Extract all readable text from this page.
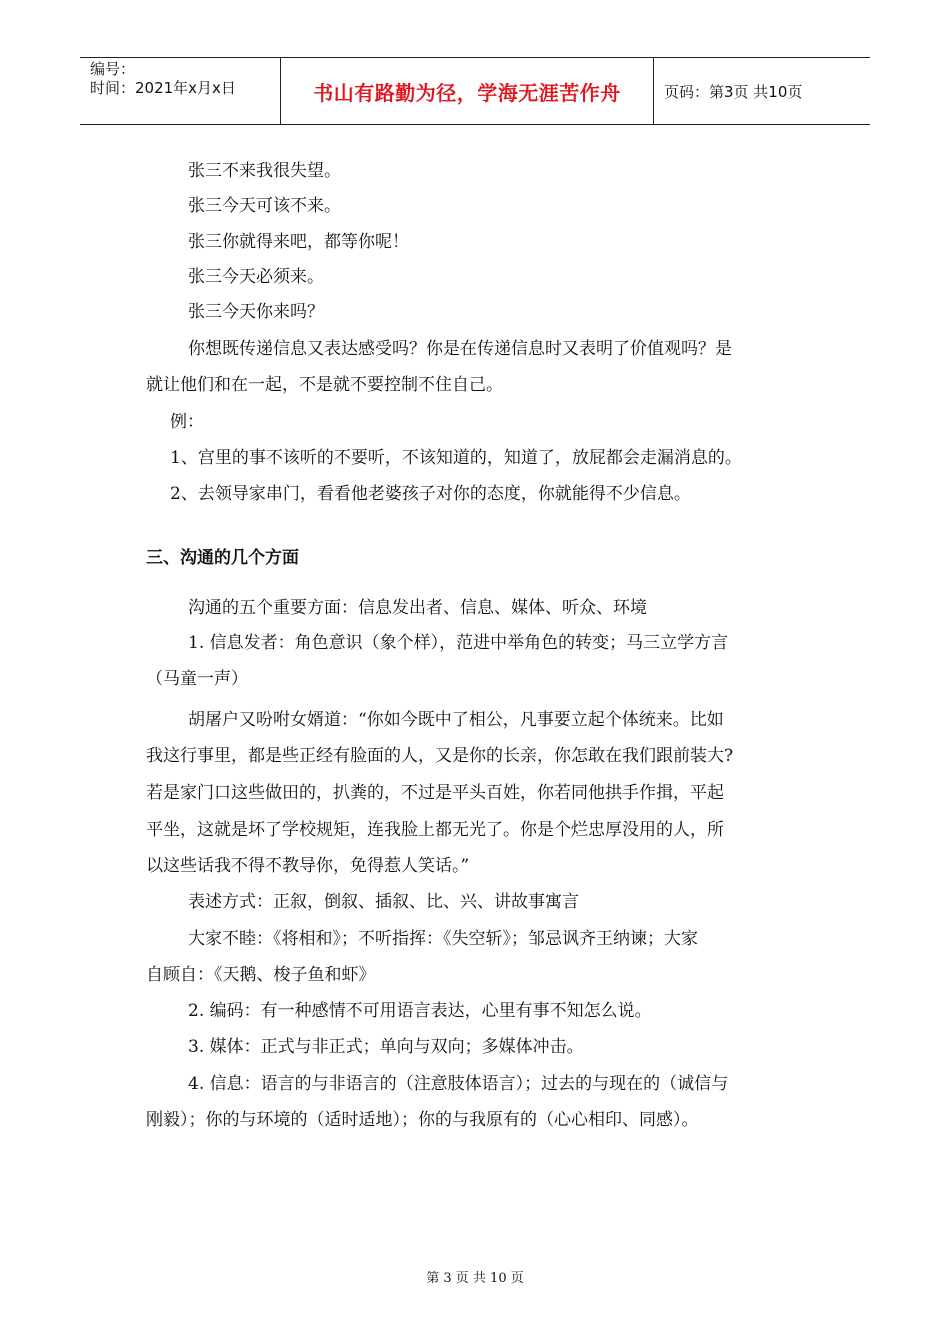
编号：
时间：2021年x月x日	书山有路勤为径，学海无涯苦作舟	页码：第3页 共10页
张三不来我很失望。
张三今天可该不来。
张三你就得来吧，都等你呢！
张三今天必须来。
张三今天你来吗？
你想既传递信息又表达感受吗？你是在传递信息时又表明了价值观吗？是
就让他们和在一起，不是就不要控制不住自己。
例：
1、宫里的事不该听的不要听，不该知道的，知道了，放屁都会走漏消息的。
2、去领导家串门，看看他老婆孩子对你的态度，你就能得不少信息。
三、沟通的几个方面
沟通的五个重要方面：信息发出者、信息、媒体、听众、环境
1. 信息发者：角色意识（象个样），范进中举角色的转变；马三立学方言
（马童一声）
胡屠户又吩咐女婿道：“你如今既中了相公，凡事要立起个体统来。比如
我这行事里，都是些正经有脸面的人，又是你的长亲，你怎敢在我们跟前装大?
若是家门口这些做田的，扒粪的，不过是平头百姓，你若同他拱手作揖，平起
平坐，这就是坏了学校规矩，连我脸上都无光了。你是个烂忠厚没用的人，所
以这些话我不得不教导你，免得惹人笑话。”
表述方式：正叙，倒叙、插叙、比、兴、讲故事寓言
大家不睦：《将相和》；不听指挥：《失空斩》；邹忌讽齐王纳谏；大家
自顾自：《天鹅、梭子鱼和虾》
2. 编码：有一种感情不可用语言表达，心里有事不知怎么说。
3. 媒体：正式与非正式；单向与双向；多媒体冲击。
4. 信息：语言的与非语言的（注意肢体语言）；过去的与现在的（诚信与
刚毅）；你的与环境的（适时适地）；你的与我原有的（心心相印、同感）。
第 3 页 共 10 页
